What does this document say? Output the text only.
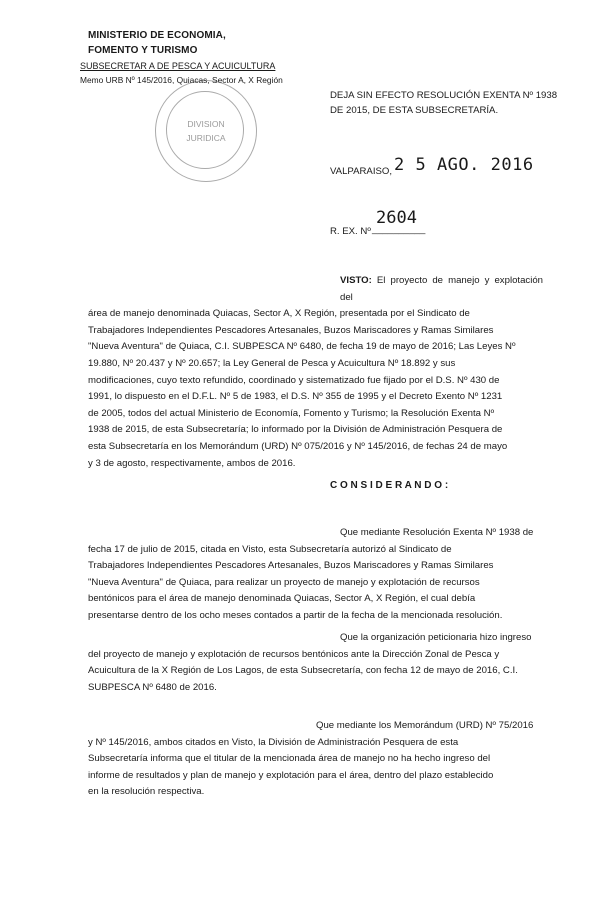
MINISTERIO DE ECONOMIA,
FOMENTO Y TURISMO
SUBSECRETAR A DE PESCA Y ACUICULTURA
Memo URB Nº 145/2016, Quiacas, Sector A, X Región
DIVISION
JURIDICA
DEJA SIN EFECTO RESOLUCIÓN EXENTA Nº 1938
DE 2015, DE ESTA SUBSECRETARÍA.
VALPARAISO, 2 5 AGO. 2016
R. EX. Nº __________
2604
VISTO: El proyecto de manejo y explotación del
área de manejo denominada Quiacas, Sector A, X Región, presentada por el Sindicato de
Trabajadores Independientes Pescadores Artesanales, Buzos Mariscadores y Ramas Similares
"Nueva Aventura" de Quiaca, C.I. SUBPESCA Nº 6480, de fecha 19 de mayo de 2016; Las Leyes Nº
19.880, Nº 20.437 y Nº 20.657; la Ley General de Pesca y Acuicultura Nº 18.892 y sus
modificaciones, cuyo texto refundido, coordinado y sistematizado fue fijado por el D.S. Nº 430 de
1991, lo dispuesto en el D.F.L. Nº 5 de 1983, el D.S. Nº 355 de 1995 y el Decreto Exento Nº 1231
de 2005, todos del actual Ministerio de Economía, Fomento y Turismo; la Resolución Exenta Nº
1938 de 2015, de esta Subsecretaría; lo informado por la División de Administración Pesquera de
esta Subsecretaría en los Memorándum (URD) Nº 075/2016 y Nº 145/2016, de fechas 24 de mayo
y 3 de agosto, respectivamente, ambos de 2016.
C O N S I D E R A N D O :
Que mediante Resolución Exenta Nº 1938 de
fecha 17 de julio de 2015, citada en Visto, esta Subsecretaría autorizó al Sindicato de
Trabajadores Independientes Pescadores Artesanales, Buzos Mariscadores y Ramas Similares
"Nueva Aventura" de Quiaca, para realizar un proyecto de manejo y explotación de recursos
bentónicos para el área de manejo denominada Quiacas, Sector A, X Región, el cual debía
presentarse dentro de los ocho meses contados a partir de la fecha de la mencionada resolución.
Que la organización peticionaria hizo ingreso
del proyecto de manejo y explotación de recursos bentónicos ante la Dirección Zonal de Pesca y
Acuicultura de la X Región de Los Lagos, de esta Subsecretaría, con fecha 12 de mayo de 2016, C.I.
SUBPESCA Nº 6480 de 2016.
Que mediante los Memorándum (URD) Nº 75/2016
y Nº 145/2016, ambos citados en Visto, la División de Administración Pesquera de esta
Subsecretaría informa que el titular de la mencionada área de manejo no ha hecho ingreso del
informe de resultados y plan de manejo y explotación para el área, dentro del plazo establecido
en la resolución respectiva.
